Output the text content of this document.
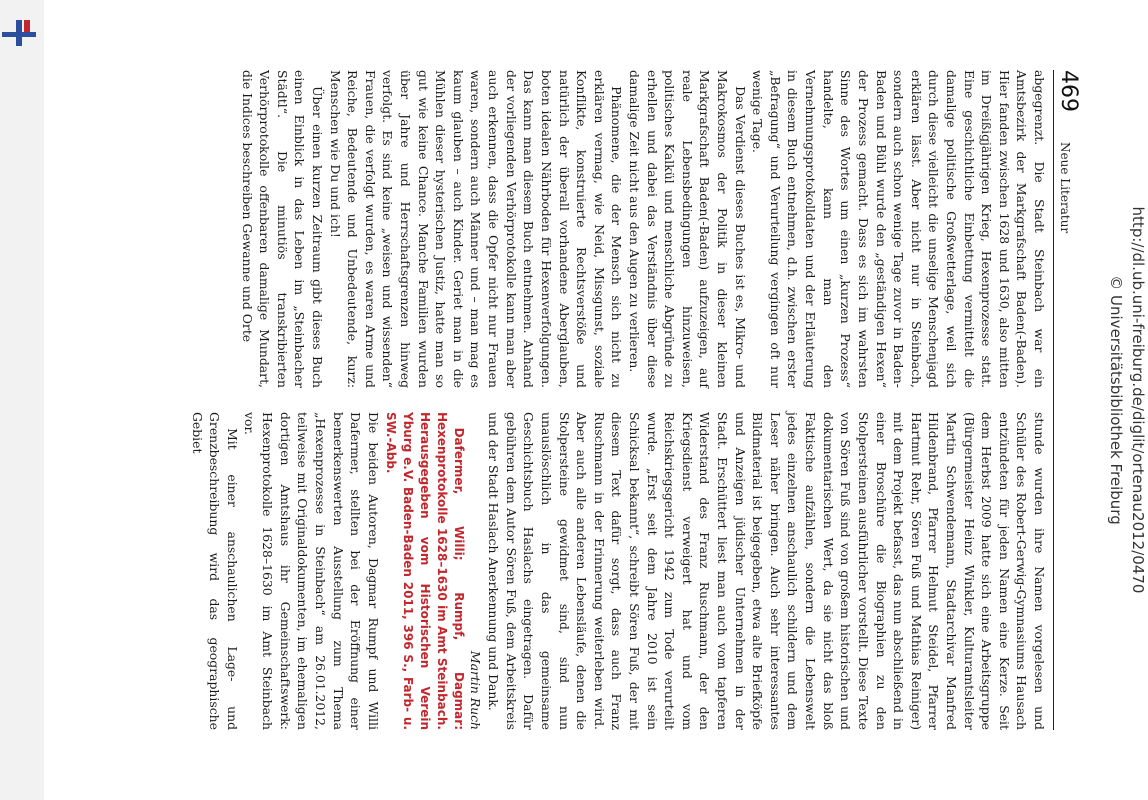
http://dl.ub.uni-freiburg.de/diglit/ortenau2012/0470
© Universitätsbibliothek Freiburg
469
Neue Literatur

abgegrenzt. Die Stadt Steinbach war ein Amtsbezirk der Markgrafschaft Baden(-Baden). Hier fanden zwischen 1628 und 1630, also mitten im Dreißigjährigen Krieg, Hexenprozesse statt. Eine geschichtliche Einbettung vermittelt die damalige politische Großwetterlage, weil sich durch diese vielleicht die unselige Menschenjagd erklären lässt. Aber nicht nur in Steinbach, sondern auch schon wenige Tage zuvor in Baden-Baden und Bühl wurde den „geständigen Hexen“ der Prozess gemacht. Dass es sich im wahrsten Sinne des Wortes um einen „kurzen Prozess“ handelte, kann man den Vernehmungsprotokolldaten und der Erläuterung in diesem Buch entnehmen, d.h. zwischen erster „Befragung“ und Verurteilung vergingen oft nur wenige Tage.

Das Verdienst dieses Buches ist es, Mikro- und Makrokosmos der Politik in dieser kleinen Markgrafschaft Baden(-Baden) aufzuzeigen, auf reale Lebensbedingungen hinzuweisen, politisches Kalkül und menschliche Abgründe zu erhellen und dabei das Verständnis über diese damalige Zeit nicht aus den Augen zu verlieren.

Phänomene, die der Mensch sich nicht zu erklären vermag, wie Neid, Missgunst, soziale Konflikte, konstruierte Rechtsverstöße und natürlich der überall vorhandene Aberglauben, boten idealen Nährboden für Hexenverfolgungen. Das kann man diesem Buch entnehmen. Anhand der vorliegenden Verhörprotokolle kann man aber auch erkennen, dass die Opfer nicht nur Frauen waren, sondern auch Männer und – man mag es kaum glauben – auch Kinder. Geriet man in die Mühlen dieser hysterischen Justiz, hatte man so gut wie keine Chance. Manche Familien wurden über Jahre und Herrschaftsgrenzen hinweg verfolgt. Es sind keine „weisen und wissenden“ Frauen, die verfolgt wurden, es waren Arme und Reiche, Bedeutende und Unbedeutende, kurz: Menschen wie Du und ich!

Über einen kurzen Zeitraum gibt dieses Buch einen Einblick in das Leben im „Steinbacher Städtl“. Die minutiös transkribierten Verhörprotokolle offenbaren damalige Mundart, die Indices beschreiben Gewanne und Orte

stunde wurden ihre Namen vorgelesen und Schüler des Robert-Gerwig-Gymnasiums Hausach entzündeten für jeden Namen eine Kerze. Seit dem Herbst 2009 hatte sich eine Arbeitsgruppe (Bürgermeister Heinz Winkler, Kulturamtsleiter Martin Schwendemann, Stadtarchivar Manfred Hildenbrand, Pfarrer Helmut Steidel, Pfarrer Hartmut Rehr, Sören Fuß und Mathias Reiniger) mit dem Projekt befasst, das nun abschließend in einer Broschüre die Biographien zu den Stolpersteinen ausführlicher vorstellt. Diese Texte von Sören Fuß sind von großem historischen und dokumentarischen Wert, da sie nicht das bloß Faktische aufzählen, sondern die Lebenswelt jedes einzelnen anschaulich schildern und dem Leser näher bringen. Auch sehr interessantes Bildmaterial ist beigegeben, etwa alte Briefköpfe und Anzeigen jüdischer Unternehmen in der Stadt. Erschüttert liest man auch vom tapferen Widerstand des Franz Ruschmann, der den Kriegsdienst verweigert hat und vom Reichskriegsgericht 1942 zum Tode verurteilt wurde. „Erst seit dem Jahre 2010 ist sein Schicksal bekannt“, schreibt Sören Fuß, der mit diesem Text dafür sorgt, dass auch Franz Ruschmann in der Erinnerung weiterleben wird. Aber auch alle anderen Lebensläufe, denen die Stolpersteine gewidmet sind, sind nun unauslöschlich in das gemeinsame Geschichtsbuch Haslachs eingetragen. Dafür gebühren dem Autor Sören Fuß, dem Arbeitskreis und der Stadt Haslach Anerkennung und Dank.

Martin Ruch

Dafermer, Willi; Rumpf, Dagmar: Hexenprotokolle 1628–1630 im Amt Steinbach. Herausgegeben vom Historischen Verein Yburg e.V. Baden-Baden 2011, 396 S., Farb- u. SW.-Abb.

Die beiden Autoren, Dagmar Rumpf und Willi Dafermer, stellten bei der Eröffnung einer bemerkenswerten Ausstellung zum Thema „Hexenprozesse in Steinbach“ am 26.01.2012, teilweise mit Originaldokumenten, im ehemaligen dortigen Amtshaus ihr Gemeinschaftswerk: Hexenprotokolle 1628–1630 im Amt Steinbach vor.

Mit einer anschaulichen Lage- und Grenzbeschreibung wird das geographische Gebiet
